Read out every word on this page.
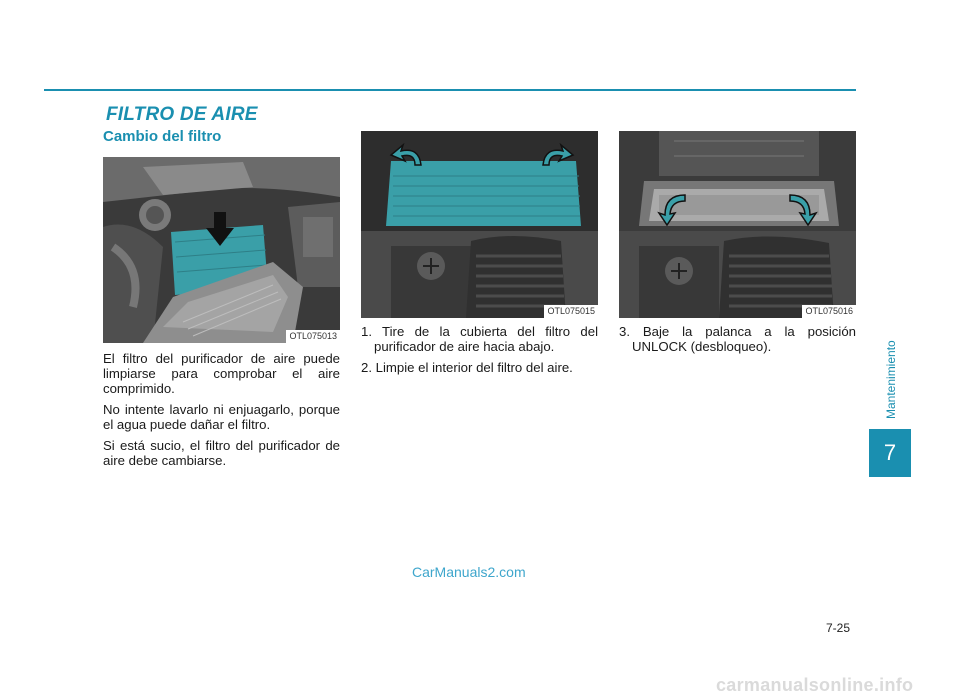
FILTRO DE AIRE
Cambio del filtro
OTL075013
OTL075015	OTL075016

El filtro del purificador de aire puede limpiarse para comprobar el aire comprimido.

No intente lavarlo ni enjuagarlo, porque el agua puede dañar el filtro.

Si está sucio, el filtro del purificador de aire debe cambiarse.

1. Tire de la cubierta del filtro del purificador de aire hacia abajo.
2. Limpie el interior del filtro del aire.
3. Baje la palanca a la posición UNLOCK (desbloqueo).	Mantenimiento
7
CarManuals2.com
7-25
carmanualsonline.info
